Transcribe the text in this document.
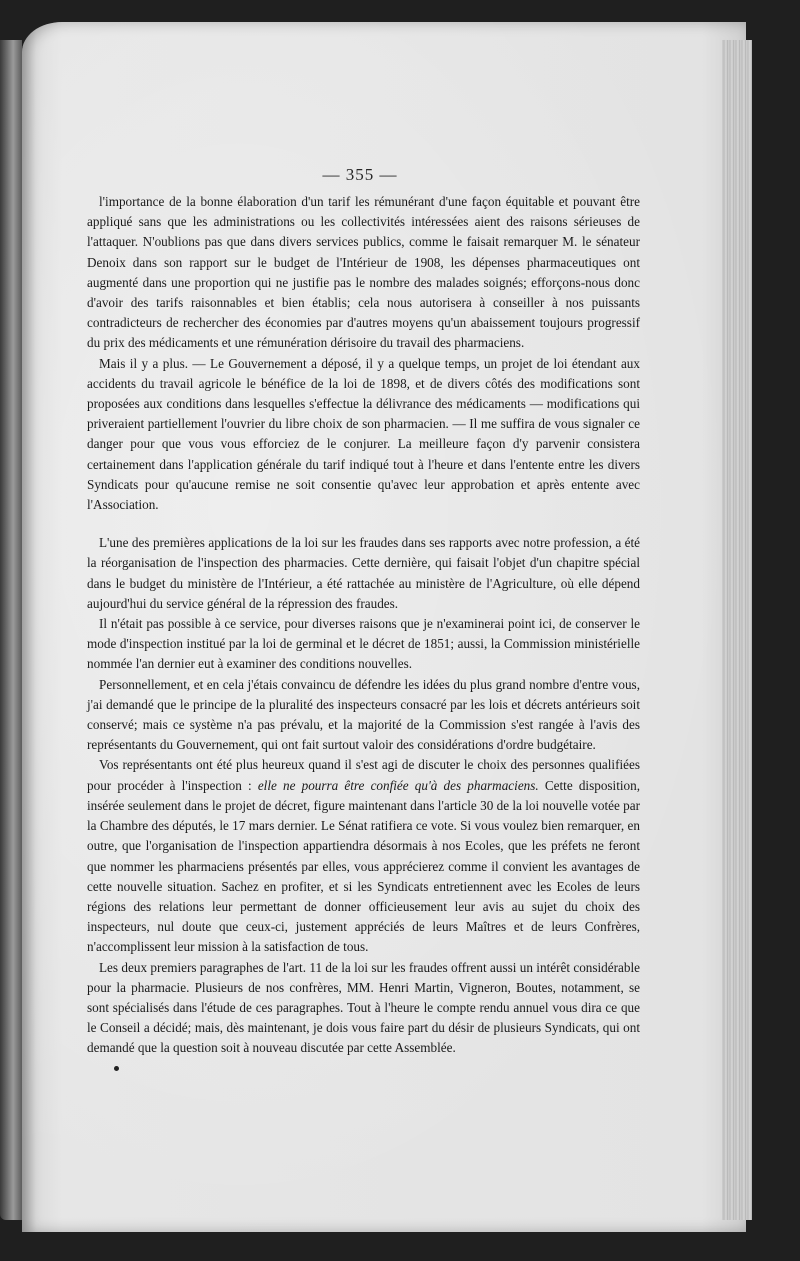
— 355 —

l'importance de la bonne élaboration d'un tarif les rémunérant d'une façon équitable et pouvant être appliqué sans que les administrations ou les collectivités intéressées aient des raisons sérieuses de l'attaquer. N'oublions pas que dans divers services publics, comme le faisait remarquer M. le sénateur Denoix dans son rapport sur le budget de l'Intérieur de 1908, les dépenses pharmaceutiques ont augmenté dans une proportion qui ne justifie pas le nombre des malades soignés; efforçons-nous donc d'avoir des tarifs raisonnables et bien établis; cela nous autorisera à conseiller à nos puissants contradicteurs de rechercher des économies par d'autres moyens qu'un abaissement toujours progressif du prix des médicaments et une rémunération dérisoire du travail des pharmaciens.

Mais il y a plus. — Le Gouvernement a déposé, il y a quelque temps, un projet de loi étendant aux accidents du travail agricole le bénéfice de la loi de 1898, et de divers côtés des modifications sont proposées aux conditions dans lesquelles s'effectue la délivrance des médicaments — modifications qui priveraient partiellement l'ouvrier du libre choix de son pharmacien. — Il me suffira de vous signaler ce danger pour que vous vous efforciez de le conjurer. La meilleure façon d'y parvenir consistera certainement dans l'application générale du tarif indiqué tout à l'heure et dans l'entente entre les divers Syndicats pour qu'aucune remise ne soit consentie qu'avec leur approbation et après entente avec l'Association.

L'une des premières applications de la loi sur les fraudes dans ses rapports avec notre profession, a été la réorganisation de l'inspection des pharmacies. Cette dernière, qui faisait l'objet d'un chapitre spécial dans le budget du ministère de l'Intérieur, a été rattachée au ministère de l'Agriculture, où elle dépend aujourd'hui du service général de la répression des fraudes.

Il n'était pas possible à ce service, pour diverses raisons que je n'examinerai point ici, de conserver le mode d'inspection institué par la loi de germinal et le décret de 1851; aussi, la Commission ministérielle nommée l'an dernier eut à examiner des conditions nouvelles.

Personnellement, et en cela j'étais convaincu de défendre les idées du plus grand nombre d'entre vous, j'ai demandé que le principe de la pluralité des inspecteurs consacré par les lois et décrets antérieurs soit conservé; mais ce système n'a pas prévalu, et la majorité de la Commission s'est rangée à l'avis des représentants du Gouvernement, qui ont fait surtout valoir des considérations d'ordre budgétaire.

Vos représentants ont été plus heureux quand il s'est agi de discuter le choix des personnes qualifiées pour procéder à l'inspection : elle ne pourra être confiée qu'à des pharmaciens. Cette disposition, insérée seulement dans le projet de décret, figure maintenant dans l'article 30 de la loi nouvelle votée par la Chambre des députés, le 17 mars dernier. Le Sénat ratifiera ce vote. Si vous voulez bien remarquer, en outre, que l'organisation de l'inspection appartiendra désormais à nos Ecoles, que les préfets ne feront que nommer les pharmaciens présentés par elles, vous apprécierez comme il convient les avantages de cette nouvelle situation. Sachez en profiter, et si les Syndicats entretiennent avec les Ecoles de leurs régions des relations leur permettant de donner officieusement leur avis au sujet du choix des inspecteurs, nul doute que ceux-ci, justement appréciés de leurs Maîtres et de leurs Confrères, n'accomplissent leur mission à la satisfaction de tous.

Les deux premiers paragraphes de l'art. 11 de la loi sur les fraudes offrent aussi un intérêt considérable pour la pharmacie. Plusieurs de nos confrères, MM. Henri Martin, Vigneron, Boutes, notamment, se sont spécialisés dans l'étude de ces paragraphes. Tout à l'heure le compte rendu annuel vous dira ce que le Conseil a décidé; mais, dès maintenant, je dois vous faire part du désir de plusieurs Syndicats, qui ont demandé que la question soit à nouveau discutée par cette Assemblée.
